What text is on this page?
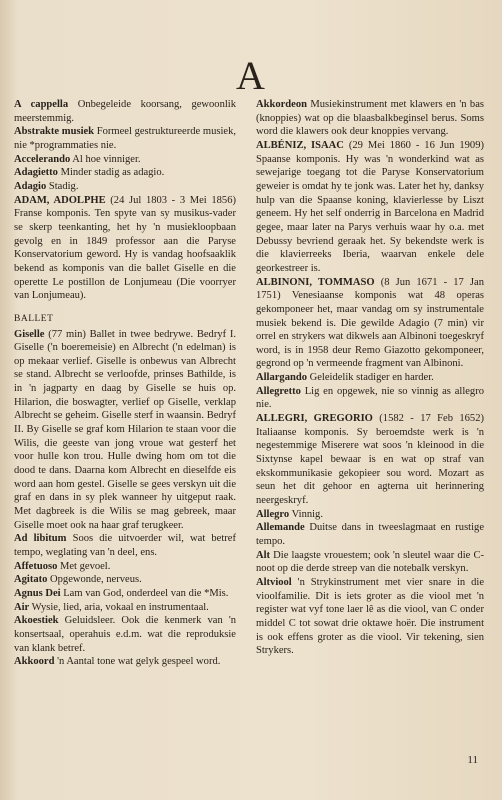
A

A cappella Onbegeleide koorsang, gewoonlik meerstemmig.

Abstrakte musiek Formeel gestruktureerde musiek, nie *programmaties nie.

Accelerando Al hoe vinniger.

Adagietto Minder stadig as adagio.

Adagio Stadig.

ADAM, ADOLPHE (24 Jul 1803 - 3 Mei 1856) Franse komponis. Ten spyte van sy musikus-vader se skerp teenkanting, het hy 'n musiekloopbaan gevolg en in 1849 professor aan die Paryse Konservatorium geword. Hy is vandag hoofsaaklik bekend as komponis van die ballet Giselle en die operette Le postillon de Lonjumeau (Die voorryer van Lonjumeau).

BALLET

Giselle (77 min) Ballet in twee bedrywe. Bedryf I. Giselle ('n boeremeisie) en Albrecht ('n edelman) is op mekaar verlief. Giselle is onbewus van Albrecht se stand. Albrecht se verloofde, prinses Bathilde, is in 'n jagparty en daag by Giselle se huis op. Hilarion, die boswagter, verlief op Giselle, verklap Albrecht se geheim. Giselle sterf in waansin. Bedryf II. By Giselle se graf kom Hilarion te staan voor die Wilis, die geeste van jong vroue wat gesterf het voor hulle kon trou. Hulle dwing hom om tot die dood te dans. Daarna kom Albrecht en dieselfde eis word aan hom gestel. Giselle se gees verskyn uit die graf en dans in sy plek wanneer hy uitgeput raak. Met dagbreek is die Wilis se mag gebreek, maar Giselle moet ook na haar graf terugkeer.

Ad libitum Soos die uitvoerder wil, wat betref tempo, weglating van 'n deel, ens.

Affetuoso Met gevoel.

Agitato Opgewonde, nerveus.

Agnus Dei Lam van God, onderdeel van die *Mis.

Air Wysie, lied, aria, vokaal en instrumentaal.

Akoestiek Geluidsleer. Ook die kenmerk van 'n konsertsaal, operahuis e.d.m. wat die reproduksie van klank betref.

Akkoord 'n Aantal tone wat gelyk gespeel word.

Akkordeon Musiekinstrument met klawers en 'n bas (knoppies) wat op die blaasbalkbeginsel berus. Soms word die klawers ook deur knoppies vervang.

ALBÉNIZ, ISAAC (29 Mei 1860 - 16 Jun 1909) Spaanse komponis. Hy was 'n wonderkind wat as sewejarige toegang tot die Paryse Konservatorium geweier is omdat hy te jonk was. Later het hy, danksy hulp van die Spaanse koning, klavierlesse by Liszt geneem. Hy het self onderrig in Barcelona en Madrid gegee, maar later na Parys verhuis waar hy o.a. met Debussy bevriend geraak het. Sy bekendste werk is die klavierreeks Iberia, waarvan enkele dele georkestreer is.

ALBINONI, TOMMASO (8 Jun 1671 - 17 Jan 1751) Venesiaanse komponis wat 48 operas gekomponeer het, maar vandag om sy instrumentale musiek bekend is. Die gewilde Adagio (7 min) vir orrel en strykers wat dikwels aan Albinoni toegeskryf word, is in 1958 deur Remo Giazotto gekomponeer, gegrond op 'n vermeende fragment van Albinoni.

Allargando Geleidelik stadiger en harder.

Allegretto Lig en opgewek, nie so vinnig as allegro nie.

ALLEGRI, GREGORIO (1582 - 17 Feb 1652) Italiaanse komponis. Sy beroemdste werk is 'n negestemmige Miserere wat soos 'n kleinood in die Sixtynse kapel bewaar is en wat op straf van ekskommunikasie gekopieer sou word. Mozart as seun het dit gehoor en agterna uit herinnering neergeskryf.

Allegro Vinnig.

Allemande Duitse dans in tweeslagmaat en rustige tempo.

Alt Die laagste vrouestem; ook 'n sleutel waar die C-noot op die derde streep van die notebalk verskyn.

Altviool 'n Strykinstrument met vier snare in die vioolfamilie. Dit is iets groter as die viool met 'n register wat vyf tone laer lê as die viool, van C onder middel C tot sowat drie oktawe hoër. Die instrument is ook effens groter as die viool. Vir tekening, sien Strykers.

11
